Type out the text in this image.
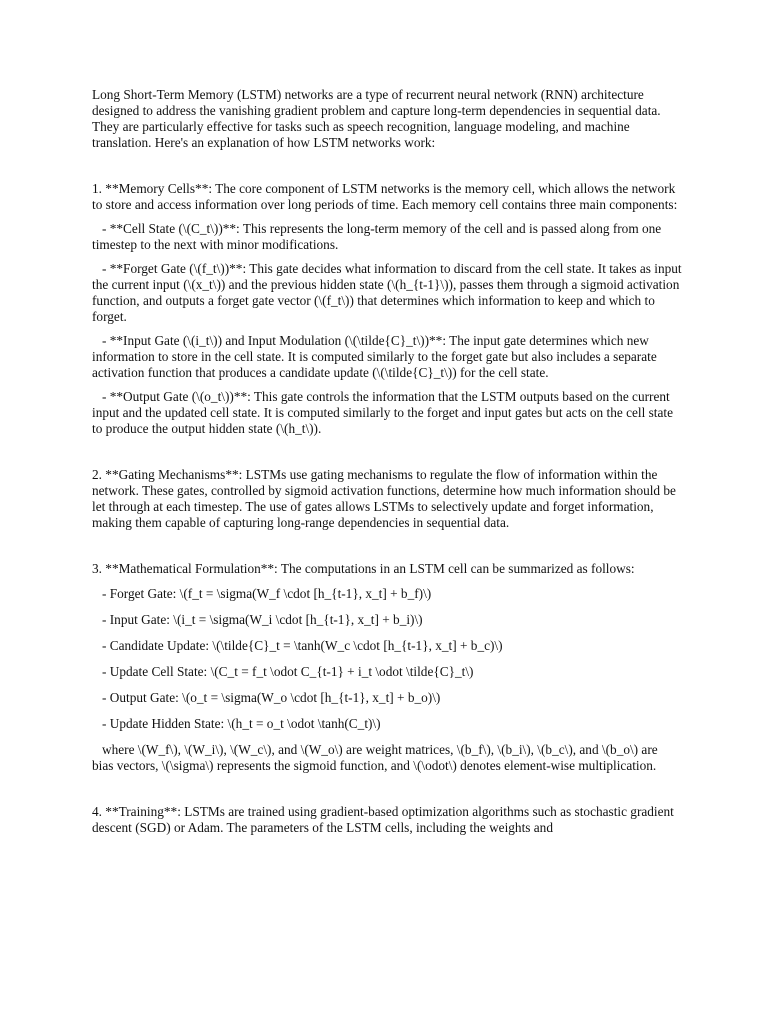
Long Short-Term Memory (LSTM) networks are a type of recurrent neural network (RNN) architecture designed to address the vanishing gradient problem and capture long-term dependencies in sequential data. They are particularly effective for tasks such as speech recognition, language modeling, and machine translation. Here's an explanation of how LSTM networks work:

1. **Memory Cells**: The core component of LSTM networks is the memory cell, which allows the network to store and access information over long periods of time. Each memory cell contains three main components:

- **Cell State (\(C_t\))**: This represents the long-term memory of the cell and is passed along from one timestep to the next with minor modifications.

- **Forget Gate (\(f_t\))**: This gate decides what information to discard from the cell state. It takes as input the current input (\(x_t\)) and the previous hidden state (\(h_{t-1}\)), passes them through a sigmoid activation function, and outputs a forget gate vector (\(f_t\)) that determines which information to keep and which to forget.

- **Input Gate (\(i_t\)) and Input Modulation (\(\tilde{C}_t\))**: The input gate determines which new information to store in the cell state. It is computed similarly to the forget gate but also includes a separate activation function that produces a candidate update (\(\tilde{C}_t\)) for the cell state.

- **Output Gate (\(o_t\))**: This gate controls the information that the LSTM outputs based on the current input and the updated cell state. It is computed similarly to the forget and input gates but acts on the cell state to produce the output hidden state (\(h_t\)).

2. **Gating Mechanisms**: LSTMs use gating mechanisms to regulate the flow of information within the network. These gates, controlled by sigmoid activation functions, determine how much information should be let through at each timestep. The use of gates allows LSTMs to selectively update and forget information, making them capable of capturing long-range dependencies in sequential data.

3. **Mathematical Formulation**: The computations in an LSTM cell can be summarized as follows:

- Forget Gate: \(f_t = \sigma(W_f \cdot [h_{t-1}, x_t] + b_f)\)

- Input Gate: \(i_t = \sigma(W_i \cdot [h_{t-1}, x_t] + b_i)\)

- Candidate Update: \(\tilde{C}_t = \tanh(W_c \cdot [h_{t-1}, x_t] + b_c)\)

- Update Cell State: \(C_t = f_t \odot C_{t-1} + i_t \odot \tilde{C}_t\)

- Output Gate: \(o_t = \sigma(W_o \cdot [h_{t-1}, x_t] + b_o)\)

- Update Hidden State: \(h_t = o_t \odot \tanh(C_t)\)

where \(W_f\), \(W_i\), \(W_c\), and \(W_o\) are weight matrices, \(b_f\), \(b_i\), \(b_c\), and \(b_o\) are bias vectors, \(\sigma\) represents the sigmoid function, and \(\odot\) denotes element-wise multiplication.

4. **Training**: LSTMs are trained using gradient-based optimization algorithms such as stochastic gradient descent (SGD) or Adam. The parameters of the LSTM cells, including the weights and
